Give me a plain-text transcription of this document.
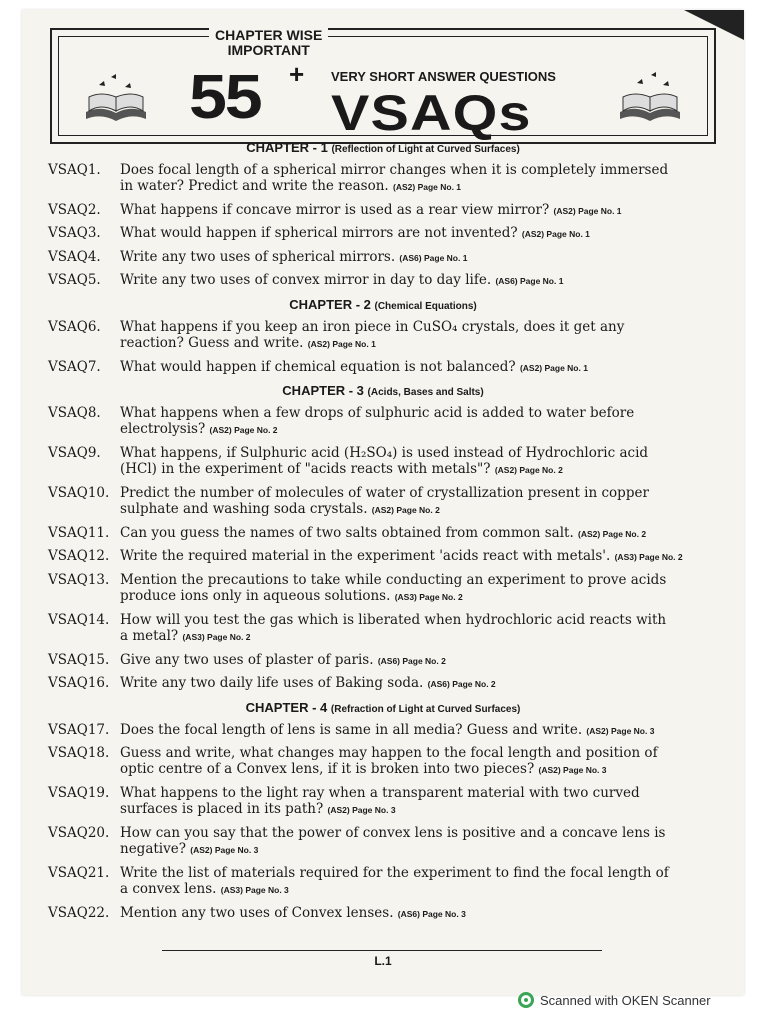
CHAPTER WISE
IMPORTANT
55 + VERY SHORT ANSWER QUESTIONS
VSAQs
CHAPTER - 1 (Reflection of Light at Curved Surfaces)
VSAQ1.	Does focal length of a spherical mirror changes when it is completely immersed
in water? Predict and write the reason. (AS2) Page No. 1
VSAQ2.	What happens if concave mirror is used as a rear view mirror? (AS2) Page No. 1
VSAQ3.	What would happen if spherical mirrors are not invented? (AS2) Page No. 1
VSAQ4.	Write any two uses of spherical mirrors. (AS6) Page No. 1
VSAQ5.	Write any two uses of convex mirror in day to day life. (AS6) Page No. 1
CHAPTER - 2 (Chemical Equations)
VSAQ6.	What happens if you keep an iron piece in CuSO₄ crystals, does it get any
reaction? Guess and write. (AS2) Page No. 1
VSAQ7.	What would happen if chemical equation is not balanced? (AS2) Page No. 1
CHAPTER - 3 (Acids, Bases and Salts)
VSAQ8.	What happens when a few drops of sulphuric acid is added to water before
electrolysis? (AS2) Page No. 2
VSAQ9.	What happens, if Sulphuric acid (H₂SO₄) is used instead of Hydrochloric acid
(HCl) in the experiment of "acids reacts with metals"? (AS2) Page No. 2
VSAQ10. Predict the number of molecules of water of crystallization present in copper
sulphate and washing soda crystals. (AS2) Page No. 2
VSAQ11. Can you guess the names of two salts obtained from common salt. (AS2) Page No. 2
VSAQ12. Write the required material in the experiment 'acids react with metals'. (AS3) Page No. 2
VSAQ13. Mention the precautions to take while conducting an experiment to prove acids
produce ions only in aqueous solutions. (AS3) Page No. 2
VSAQ14. How will you test the gas which is liberated when hydrochloric acid reacts with
a metal? (AS3) Page No. 2
VSAQ15. Give any two uses of plaster of paris. (AS6) Page No. 2
VSAQ16. Write any two daily life uses of Baking soda. (AS6) Page No. 2
CHAPTER - 4 (Refraction of Light at Curved Surfaces)
VSAQ17. Does the focal length of lens is same in all media? Guess and write. (AS2) Page No. 3
VSAQ18. Guess and write, what changes may happen to the focal length and position of
optic centre of a Convex lens, if it is broken into two pieces? (AS2) Page No. 3
VSAQ19. What happens to the light ray when a transparent material with two curved
surfaces is placed in its path? (AS2) Page No. 3
VSAQ20. How can you say that the power of convex lens is positive and a concave lens is
negative? (AS2) Page No. 3
VSAQ21. Write the list of materials required for the experiment to find the focal length of
a convex lens. (AS3) Page No. 3
VSAQ22. Mention any two uses of Convex lenses. (AS6) Page No. 3
L.1
Scanned with OKEN Scanner
